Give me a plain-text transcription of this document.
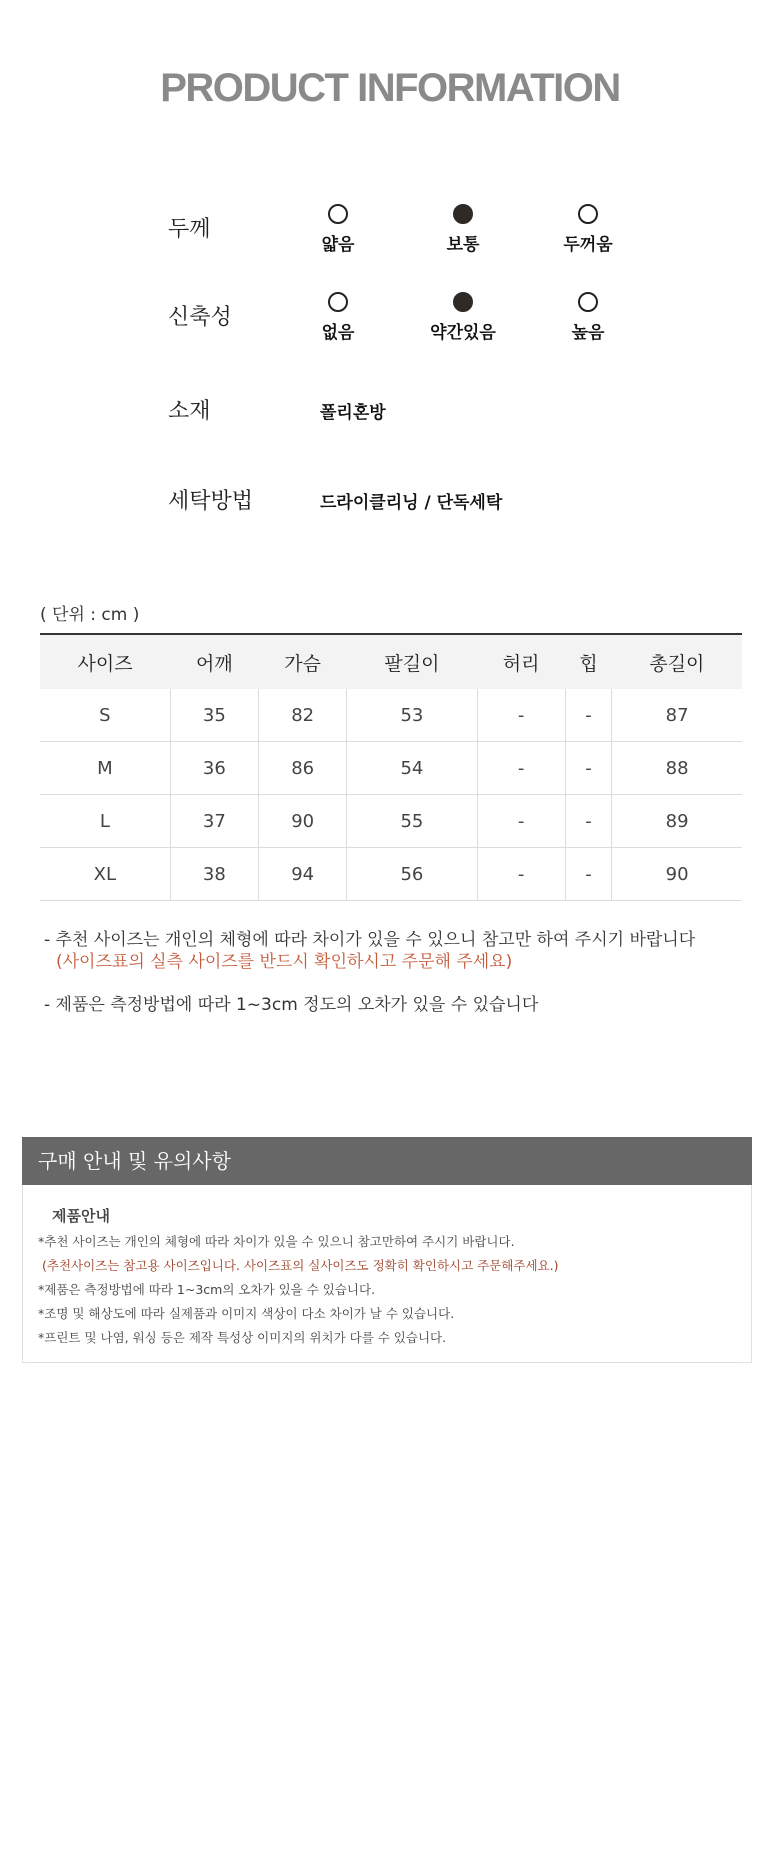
PRODUCT INFORMATION
두께
얇음	보통	두꺼움
신축성
없음	약간있음	높음
소재	폴리혼방
세탁방법	드라이클리닝 / 단독세탁
( 단위 : cm )
사이즈	어깨	가슴	팔길이	허리	힙	총길이
S	35	82	53	-	-	87
M	36	86	54	-	-	88
L	37	90	55	-	-	89
XL	38	94	56	-	-	90
- 추천 사이즈는 개인의 체형에 따라 차이가 있을 수 있으니 참고만 하여 주시기 바랍니다
(사이즈표의 실측 사이즈를 반드시 확인하시고 주문해 주세요)
- 제품은 측정방법에 따라 1~3cm 정도의 오차가 있을 수 있습니다
구매 안내 및 유의사항
제품안내
*추천 사이즈는 개인의 체형에 따라 차이가 있을 수 있으니 참고만하여 주시기 바랍니다.
(추천사이즈는 참고용 사이즈입니다. 사이즈표의 실사이즈도 정확히 확인하시고 주문해주세요.)
*제품은 측정방법에 따라 1~3cm의 오차가 있을 수 있습니다.
*조명 및 해상도에 따라 실제품과 이미지 색상이 다소 차이가 날 수 있습니다.
*프린트 및 나염, 워싱 등은 제작 특성상 이미지의 위치가 다를 수 있습니다.
